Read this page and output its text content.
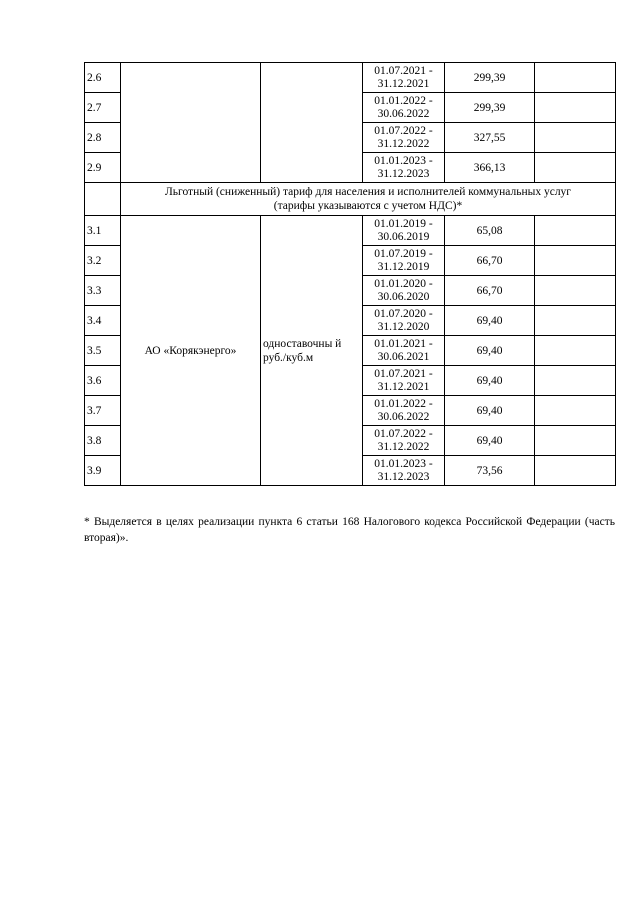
2.6			01.07.2021 -
31.12.2021	299,39	
2.7			01.01.2022 -
30.06.2022	299,39	
2.8			01.07.2022 -
31.12.2022	327,55	
2.9			01.01.2023 -
31.12.2023	366,13	
	Льготный (сниженный) тариф для населения и исполнителей коммунальных услуг
(тарифы указываются с учетом НДС)*				
3.1	АО «Корякэнерго»	одноставочны й руб./куб.м	01.01.2019 -
30.06.2019	65,08	
3.2			01.07.2019 -
31.12.2019	66,70	
3.3			01.01.2020 -
30.06.2020	66,70	
3.4			01.07.2020 -
31.12.2020	69,40	
3.5			01.01.2021 -
30.06.2021	69,40	
3.6			01.07.2021 -
31.12.2021	69,40	
3.7			01.01.2022 -
30.06.2022	69,40	
3.8			01.07.2022 -
31.12.2022	69,40	
3.9			01.01.2023 -
31.12.2023	73,56	

* Выделяется в целях реализации пункта 6 статьи 168 Налогового кодекса Российской Федерации (часть вторая)».
